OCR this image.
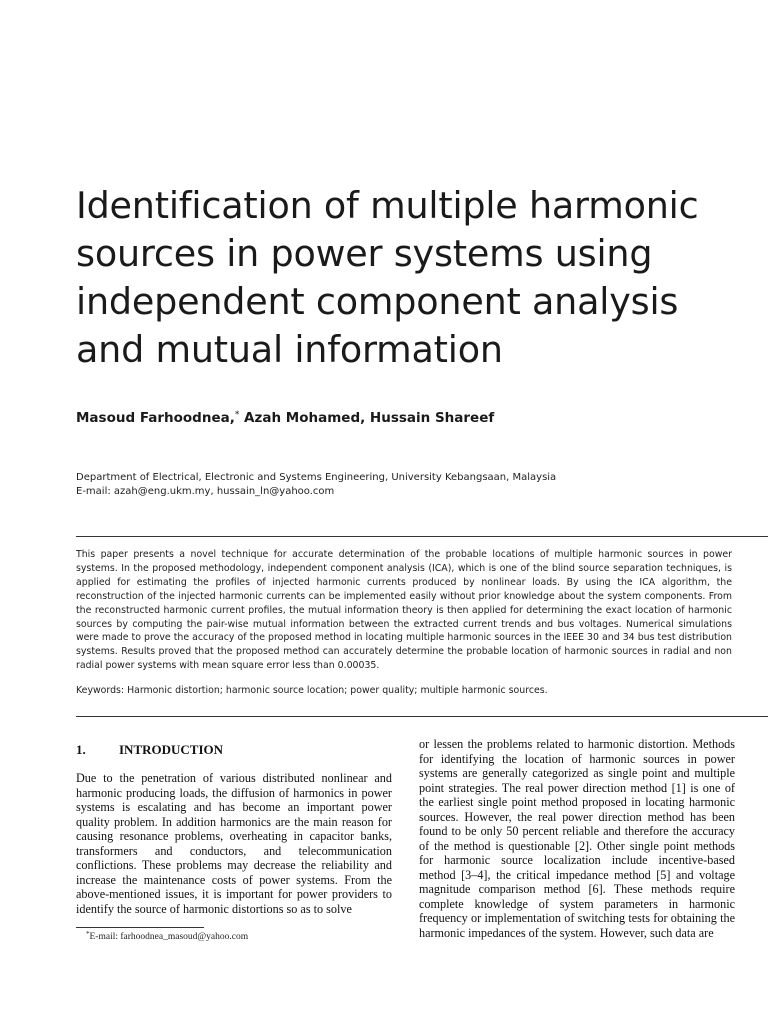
Identification of multiple harmonic
sources in power systems using
independent component analysis
and mutual information
Masoud Farhoodnea,* Azah Mohamed, Hussain Shareef
Department of Electrical, Electronic and Systems Engineering, University Kebangsaan, Malaysia
E-mail: azah@eng.ukm.my, hussain_ln@yahoo.com

This paper presents a novel technique for accurate determination of the probable locations of multiple harmonic sources in power systems. In the proposed methodology, independent component analysis (ICA), which is one of the blind source separation techniques, is applied for estimating the profiles of injected harmonic currents produced by nonlinear loads. By using the ICA algorithm, the reconstruction of the injected harmonic currents can be implemented easily without prior knowledge about the system components. From the reconstructed harmonic current profiles, the mutual information theory is then applied for determining the exact location of harmonic sources by computing the pair-wise mutual information between the extracted current trends and bus voltages. Numerical simulations were made to prove the accuracy of the proposed method in locating multiple harmonic sources in the IEEE 30 and 34 bus test distribution systems. Results proved that the proposed method can accurately determine the probable location of harmonic sources in radial and non radial power systems with mean square error less than 0.00035.

Keywords: Harmonic distortion; harmonic source location; power quality; multiple harmonic sources.

1.	INTRODUCTION

Due to the penetration of various distributed nonlinear and harmonic producing loads, the diffusion of harmonics in power systems is escalating and has become an important power quality problem. In addition harmonics are the main reason for causing resonance problems, overheating in capacitor banks, transformers and conductors, and telecommunication conflictions. These problems may decrease the reliability and increase the maintenance costs of power systems. From the above-mentioned issues, it is important for power providers to identify the source of harmonic distortions so as to solve

or lessen the problems related to harmonic distortion. Methods for identifying the location of harmonic sources in power systems are generally categorized as single point and multiple point strategies. The real power direction method [1] is one of the earliest single point method proposed in locating harmonic sources. However, the real power direction method has been found to be only 50 percent reliable and therefore the accuracy of the method is questionable [2]. Other single point methods for harmonic source localization include incentive-based method [3–4], the critical impedance method [5] and voltage magnitude comparison method [6]. These methods require complete knowledge of system parameters in harmonic frequency or implementation of switching tests for obtaining the harmonic impedances of the system. However, such data are

*E-mail: farhoodnea_masoud@yahoo.com
